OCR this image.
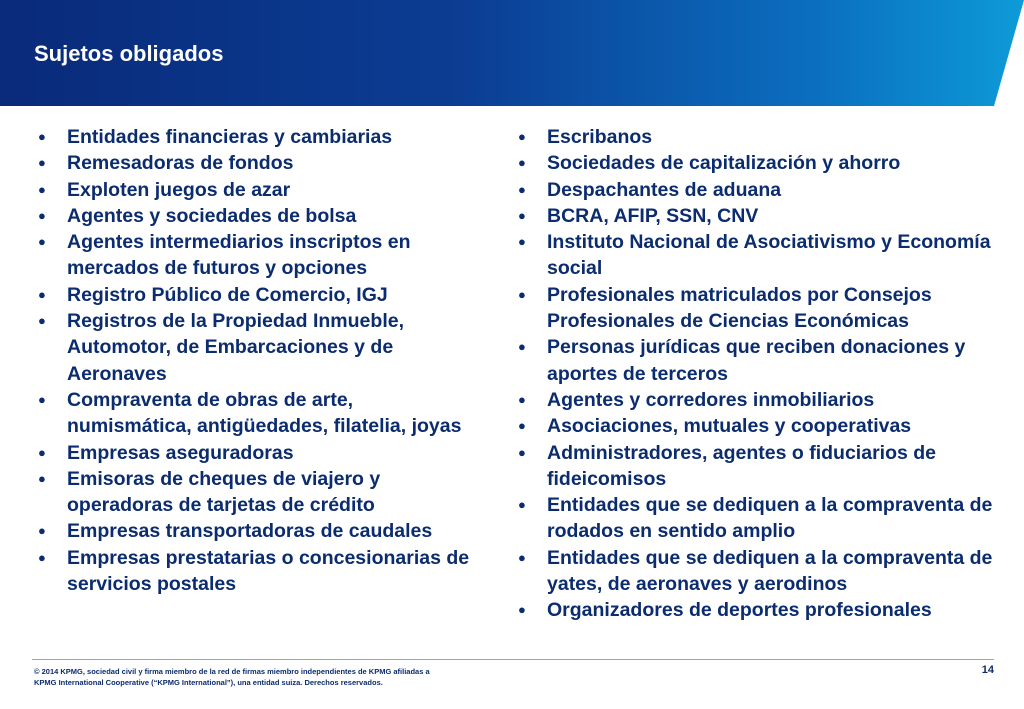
Sujetos obligados
● Entidades financieras y cambiarias
● Remesadoras de fondos
● Exploten juegos de azar
● Agentes y sociedades de bolsa
● Agentes intermediarios inscriptos en mercados de futuros y opciones
● Registro Público de Comercio, IGJ
● Registros de la Propiedad Inmueble, Automotor, de Embarcaciones y de Aeronaves
● Compraventa de obras de arte, numismática, antigüedades, filatelia, joyas
● Empresas aseguradoras
● Emisoras de cheques de viajero y operadoras de tarjetas de crédito
● Empresas transportadoras de caudales
● Empresas prestatarias o concesionarias de servicios postales
● Escribanos
● Sociedades de capitalización y ahorro
● Despachantes de aduana
● BCRA, AFIP, SSN, CNV
● Instituto Nacional de Asociativismo y Economía social
● Profesionales matriculados por Consejos Profesionales de Ciencias Económicas
● Personas jurídicas que reciben donaciones y aportes de terceros
● Agentes y corredores inmobiliarios
● Asociaciones, mutuales y cooperativas
● Administradores, agentes o fiduciarios de fideicomisos
● Entidades que se dediquen a la compraventa de rodados en sentido amplio
● Entidades que se dediquen a la compraventa de yates, de aeronaves y aerodinos
● Organizadores de deportes profesionales
© 2014 KPMG, sociedad civil y firma miembro de la red de firmas miembro independientes de KPMG afiliadas a
KPMG International Cooperative (“KPMG International”), una entidad suiza. Derechos reservados.
14
